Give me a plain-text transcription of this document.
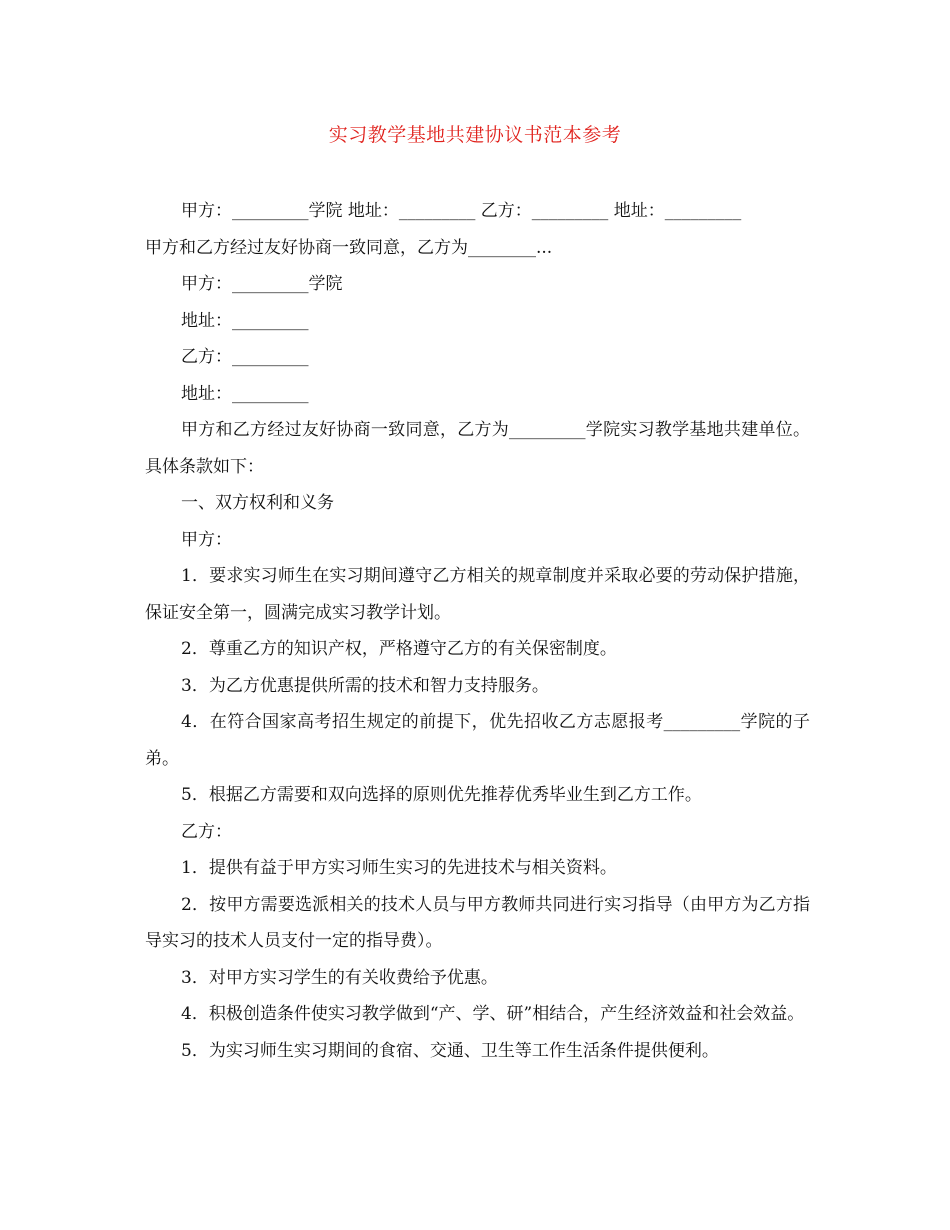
实习教学基地共建协议书范本参考

甲方：_________学院 地址：_________ 乙方：_________ 地址：_________

甲方和乙方经过友好协商一致同意，乙方为________...

甲方：_________学院

地址：_________

乙方：_________

地址：_________

甲方和乙方经过友好协商一致同意，乙方为_________学院实习教学基地共建单位。具体条款如下：

一、双方权利和义务

甲方：

1．要求实习师生在实习期间遵守乙方相关的规章制度并采取必要的劳动保护措施，保证安全第一，圆满完成实习教学计划。

2．尊重乙方的知识产权，严格遵守乙方的有关保密制度。

3．为乙方优惠提供所需的技术和智力支持服务。

4．在符合国家高考招生规定的前提下，优先招收乙方志愿报考_________学院的子弟。

5．根据乙方需要和双向选择的原则优先推荐优秀毕业生到乙方工作。

乙方：

1．提供有益于甲方实习师生实习的先进技术与相关资料。

2．按甲方需要选派相关的技术人员与甲方教师共同进行实习指导（由甲方为乙方指导实习的技术人员支付一定的指导费）。

3．对甲方实习学生的有关收费给予优惠。

4．积极创造条件使实习教学做到“产、学、研”相结合，产生经济效益和社会效益。

5．为实习师生实习期间的食宿、交通、卫生等工作生活条件提供便利。
